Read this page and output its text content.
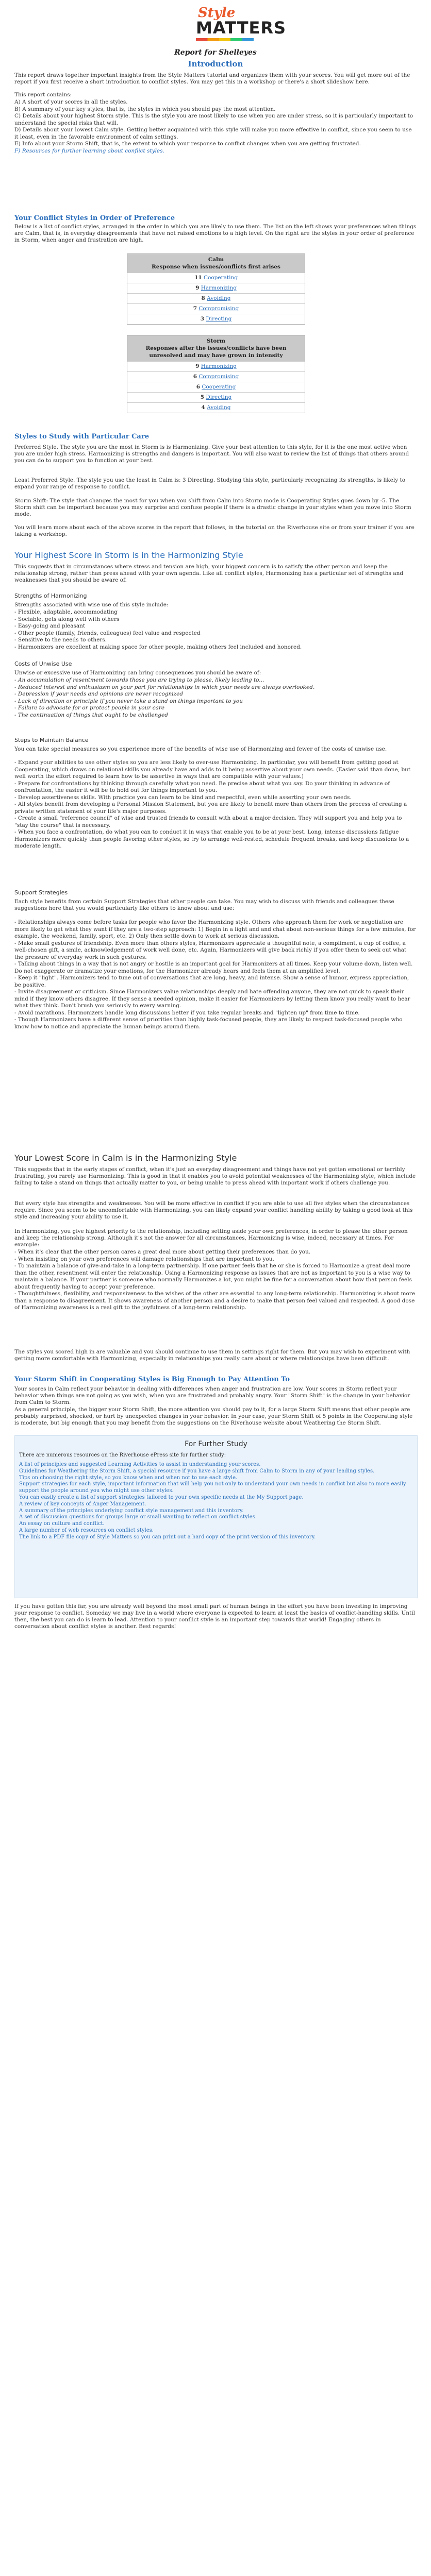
Style
MATTERS
Report for Shelleyes
Introduction

This report draws together important insights from the Style Matters tutorial and organizes them with your scores. You will get more out of the report if you first receive a short introduction to conflict styles. You may get this in a workshop or there's a short slideshow here.

This report contains:

A) A short of your scores in all the styles.
B) A summary of your key styles, that is, the styles in which you should pay the most attention.
C) Details about your highest Storm style. This is the style you are most likely to use when you are under stress, so it is particularly important to understand the special risks that will.
D) Details about your lowest Calm style. Getting better acquainted with this style will make you more effective in conflict, since you seem to use it least, even in the favorable environment of calm settings.
E) Info about your Storm Shift, that is, the extent to which your response to conflict changes when you are getting frustrated.
F) Resources for further learning about conflict styles.
Your Conflict Styles in Order of Preference

Below is a list of conflict styles, arranged in the order in which you are likely to use them. The list on the left shows your preferences when things are Calm, that is, in everyday disagreements that have not raised emotions to a high level. On the right are the styles in your order of preference in Storm, when anger and frustration are high.

Calm
Response when issues/conflicts first arises
11 Cooperating
9 Harmonizing
8 Avoiding
7 Compromising
3 Directing
Storm
Responses after the issues/conflicts have been unresolved and may have grown in intensity
9 Harmonizing
6 Compromising
6 Cooperating
5 Directing
4 Avoiding
Styles to Study with Particular Care

Preferred Style. The style you are the most in Storm is is Harmonizing. Give your best attention to this style, for it is the one most active when you are under high stress. Harmonizing is strengths and dangers is important. You will also want to review the list of things that others around you can do to support you to function at your best.

Least Preferred Style. The style you use the least in Calm is: 3 Directing. Studying this style, particularly recognizing its strengths, is likely to expand your range of response to conflict.

Storm Shift: The style that changes the most for you when you shift from Calm into Storm mode is Cooperating Styles goes down by -5. The Storm shift can be important because you may surprise and confuse people if there is a drastic change in your styles when you move into Storm mode.

You will learn more about each of the above scores in the report that follows, in the tutorial on the Riverhouse site or from your trainer if you are taking a workshop.

Your Highest Score in Storm is in the Harmonizing Style

This suggests that in circumstances where stress and tension are high, your biggest concern is to satisfy the other person and keep the relationship strong, rather than press ahead with your own agenda. Like all conflict styles, Harmonizing has a particular set of strengths and weaknesses that you should be aware of.

Strengths of Harmonizing

Strengths associated with wise use of this style include:

- Flexible, adaptable, accommodating
- Sociable, gets along well with others
- Easy-going and pleasant
- Other people (family, friends, colleagues) feel value and respected
- Sensitive to the needs to others.
- Harmonizers are excellent at making space for other people, making others feel included and honored.
Costs of Unwise Use

Unwise or excessive use of Harmonizing can bring consequences you should be aware of:

- An accumulation of resentment towards those you are trying to please, likely leading to...
- Reduced interest and enthusiasm on your part for relationships in which your needs are always overlooked.
- Depression if your needs and opinions are never recognized
- Lack of direction or principle if you never take a stand on things important to you
- Failure to advocate for or protect people in your care
- The continuation of things that ought to be challenged
Steps to Maintain Balance

You can take special measures so you experience more of the benefits of wise use of Harmonizing and fewer of the costs of unwise use.

- Expand your abilities to use other styles so you are less likely to over-use Harmonizing. In particular, you will benefit from getting good at Cooperating, which draws on relational skills you already have and adds to it being assertive about your own needs. (Easier said than done, but well worth the effort required to learn how to be assertive in ways that are compatible with your values.)
- Prepare for confrontations by thinking through carefully what you need. Be precise about what you say. Do your thinking in advance of confrontation, the easier it will be to hold out for things important to you.
- Develop assertiveness skills. With practice you can learn to be kind and respectful, even while asserting your own needs.
- All styles benefit from developing a Personal Mission Statement, but you are likely to benefit more than others from the process of creating a private written statement of your life's major purposes.
- Create a small "reference council" of wise and trusted friends to consult with about a major decision. They will support you and help you to "stay the course" that is necessary.
- When you face a confrontation, do what you can to conduct it in ways that enable you to be at your best. Long, intense discussions fatigue Harmonizers more quickly than people favoring other styles, so try to arrange well-rested, schedule frequent breaks, and keep discussions to a moderate length.
Support Strategies

Each style benefits from certain Support Strategies that other people can take. You may wish to discuss with friends and colleagues these suggestions here that you would particularly like others to know about and use:

- Relationships always come before tasks for people who favor the Harmonizing style. Others who approach them for work or negotiation are more likely to get what they want if they are a two-step approach: 1) Begin in a light and and chat about non-serious things for a few minutes, for example, the weekend, family, sport, etc. 2) Only then settle down to work at serious discussion.
- Make small gestures of friendship. Even more than others styles, Harmonizers appreciate a thoughtful note, a compliment, a cup of coffee, a well-chosen gift, a smile, acknowledgement of work well done, etc. Again, Harmonizers will give back richly if you offer them to seek out what the pressure of everyday work in such gestures.
- Talking about things in a way that is not angry or hostile is an important goal for Harmonizers at all times. Keep your volume down, listen well. Do not exaggerate or dramatize your emotions, for the Harmonizer already hears and feels them at an amplified level.
- Keep it "light". Harmonizers tend to tune out of conversations that are long, heavy, and intense. Show a sense of humor, express appreciation, be positive.
- Invite disagreement or criticism. Since Harmonizers value relationships deeply and hate offending anyone, they are not quick to speak their mind if they know others disagree. If they sense a needed opinion, make it easier for Harmonizers by letting them know you really want to hear what they think. Don't brush you seriously to every warning.
- Avoid marathons. Harmonizers handle long discussions better if you take regular breaks and "lighten up" from time to time.
- Though Harmonizers have a different sense of priorities than highly task-focused people, they are likely to respect task-focused people who know how to notice and appreciate the human beings around them.
Your Lowest Score in Calm is in the Harmonizing Style

This suggests that in the early stages of conflict, when it's just an everyday disagreement and things have not yet gotten emotional or terribly frustrating, you rarely use Harmonizing. This is good in that it enables you to avoid potential weaknesses of the Harmonizing style, which include failing to take a stand on things that actually matter to you, or being unable to press ahead with important work if others challenge you.

But every style has strengths and weaknesses. You will be more effective in conflict if you are able to use all five styles when the circumstances require. Since you seem to be uncomfortable with Harmonizing, you can likely expand your conflict handling ability by taking a good look at this style and increasing your ability to use it.

In Harmonizing, you give highest priority to the relationship, including setting aside your own preferences, in order to please the other person and keep the relationship strong. Although it's not the answer for all circumstances, Harmonizing is wise, indeed, necessary at times. For example:

- When it's clear that the other person cares a great deal more about getting their preferences than do you.
- When insisting on your own preferences will damage relationships that are important to you.
- To maintain a balance of give-and-take in a long-term partnership. If one partner feels that he or she is forced to Harmonize a great deal more than the other, resentment will enter the relationship. Using a Harmonizing response as issues that are not as important to you is a wise way to maintain a balance. If your partner is someone who normally Harmonizes a lot, you might be fine for a conversation about how that person feels about frequently having to accept your preference.
- Thoughtfulness, flexibility, and responsiveness to the wishes of the other are essential to any long-term relationship. Harmonizing is about more than a response to disagreement. It shows awareness of another person and a desire to make that person feel valued and respected. A good dose of Harmonizing awareness is a real gift to the joyfulness of a long-term relationship.

The styles you scored high in are valuable and you should continue to use them in settings right for them. But you may wish to experiment with getting more comfortable with Harmonizing, especially in relationships you really care about or where relationships have been difficult.

Your Storm Shift in Cooperating Styles is Big Enough to Pay Attention To

Your scores in Calm reflect your behavior in dealing with differences when anger and frustration are low. Your scores in Storm reflect your behavior when things are not going as you wish, when you are frustrated and probably angry. Your "Storm Shift" is the change in your behavior from Calm to Storm.

As a general principle, the bigger your Storm Shift, the more attention you should pay to it, for a large Storm Shift means that other people are probably surprised, shocked, or hurt by unexpected changes in your behavior. In your case, your Storm Shift of 5 points in the Cooperating style is moderate, but big enough that you may benefit from the suggestions on the Riverhouse website about Weathering the Storm Shift.

For Further Study

There are numerous resources on the Riverhouse ePress site for further study:

A list of principles and suggested Learning Activities to assist in understanding your scores.
Guidelines for Weathering the Storm Shift, a special resource if you have a large shift from Calm to Storm in any of your leading styles.
Tips on choosing the right style, so you know when and when not to use each style.
Support strategies for each style, important information that will help you not only to understand your own needs in conflict but also to more easily support the people around you who might use other styles.
You can easily create a list of support strategies tailored to your own specific needs at the My Support page.
A review of key concepts of Anger Management.
A summary of the principles underlying conflict style management and this inventory.
A set of discussion questions for groups large or small wanting to reflect on conflict styles.
An essay on culture and conflict.
A large number of web resources on conflict styles.
The link to a PDF file copy of Style Matters so you can print out a hard copy of the print version of this inventory.

If you have gotten this far, you are already well beyond the most small part of human beings in the effort you have been investing in improving your response to conflict. Someday we may live in a world where everyone is expected to learn at least the basics of conflict-handling skills. Until then, the best you can do is learn to lead. Attention to your conflict style is an important step towards that world! Engaging others in conversation about conflict styles is another. Best regards!
